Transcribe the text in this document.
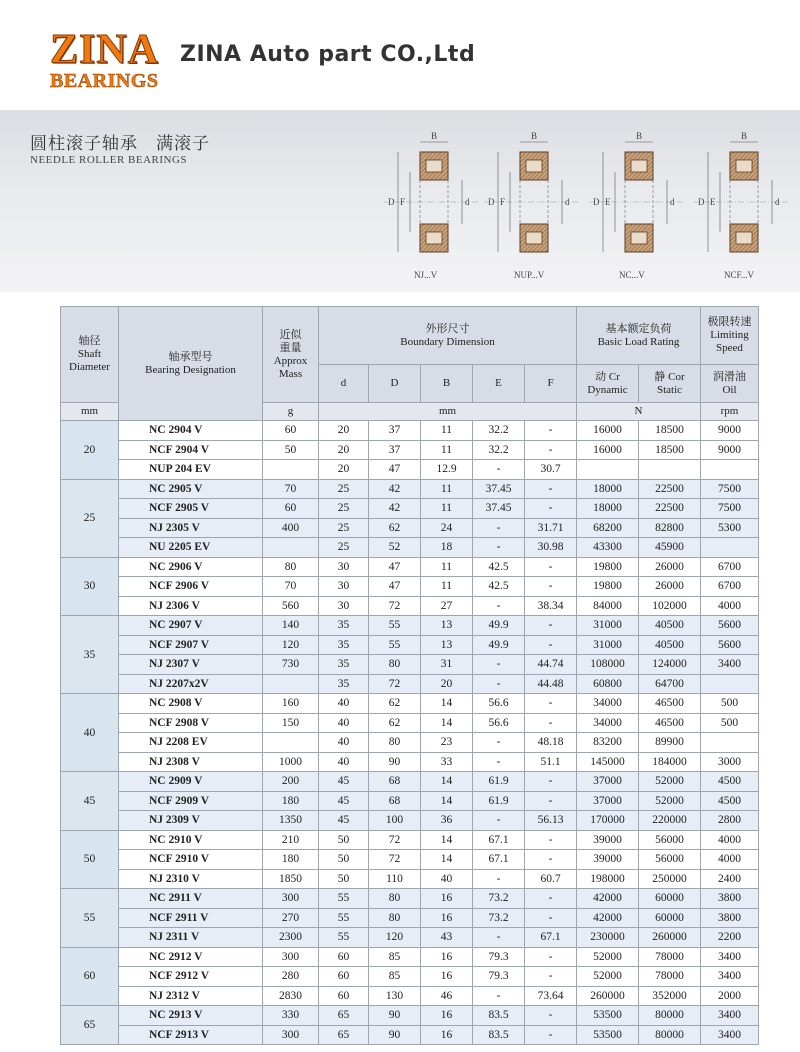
ZINA
BEARINGS
ZINA Auto part CO.,Ltd
圆柱滚子轴承　满滚子
NEEDLE ROLLER BEARINGS
B
D F	d
NJ...V
B
D F	d
NUP...V
B
D E	d
NC...V
B
D E	d
NCF...V
轴径
Shaft
Diameter	轴承型号
Bearing Designation	近似
重量
Approx
Mass	外形尺寸
Boundary Dimension					基本额定负荷
Basic Load Rating		极限转速
Limiting
Speed
			d	D	B	E	F	动 Cr
Dynamic	静 Cor
Static	润滑油
Oil
mm		g	mm					N		rpm
20	NC 2904 V	60	20	37	11	32.2	-	16000	18500	9000
	NCF 2904 V	50	20	37	11	32.2	-	16000	18500	9000
	NUP 204 EV		20	47	12.9	-	30.7			
25	NC 2905 V	70	25	42	11	37.45	-	18000	22500	7500
	NCF 2905 V	60	25	42	11	37.45	-	18000	22500	7500
	NJ 2305 V	400	25	62	24	-	31.71	68200	82800	5300
	NU 2205 EV		25	52	18	-	30.98	43300	45900	
30	NC 2906 V	80	30	47	11	42.5	-	19800	26000	6700
	NCF 2906 V	70	30	47	11	42.5	-	19800	26000	6700
	NJ 2306 V	560	30	72	27	-	38.34	84000	102000	4000
35	NC 2907 V	140	35	55	13	49.9	-	31000	40500	5600
	NCF 2907 V	120	35	55	13	49.9	-	31000	40500	5600
	NJ 2307 V	730	35	80	31	-	44.74	108000	124000	3400
	NJ 2207x2V		35	72	20	-	44.48	60800	64700	
40	NC 2908 V	160	40	62	14	56.6	-	34000	46500	500
	NCF 2908 V	150	40	62	14	56.6	-	34000	46500	500
	NJ 2208 EV		40	80	23	-	48.18	83200	89900	
	NJ 2308 V	1000	40	90	33	-	51.1	145000	184000	3000
45	NC 2909 V	200	45	68	14	61.9	-	37000	52000	4500
	NCF 2909 V	180	45	68	14	61.9	-	37000	52000	4500
	NJ 2309 V	1350	45	100	36	-	56.13	170000	220000	2800
50	NC 2910 V	210	50	72	14	67.1	-	39000	56000	4000
	NCF 2910 V	180	50	72	14	67.1	-	39000	56000	4000
	NJ 2310 V	1850	50	110	40	-	60.7	198000	250000	2400
55	NC 2911 V	300	55	80	16	73.2	-	42000	60000	3800
	NCF 2911 V	270	55	80	16	73.2	-	42000	60000	3800
	NJ 2311 V	2300	55	120	43	-	67.1	230000	260000	2200
60	NC 2912 V	300	60	85	16	79.3	-	52000	78000	3400
	NCF 2912 V	280	60	85	16	79.3	-	52000	78000	3400
	NJ 2312 V	2830	60	130	46	-	73.64	260000	352000	2000
65	NC 2913 V	330	65	90	16	83.5	-	53500	80000	3400
	NCF 2913 V	300	65	90	16	83.5	-	53500	80000	3400
